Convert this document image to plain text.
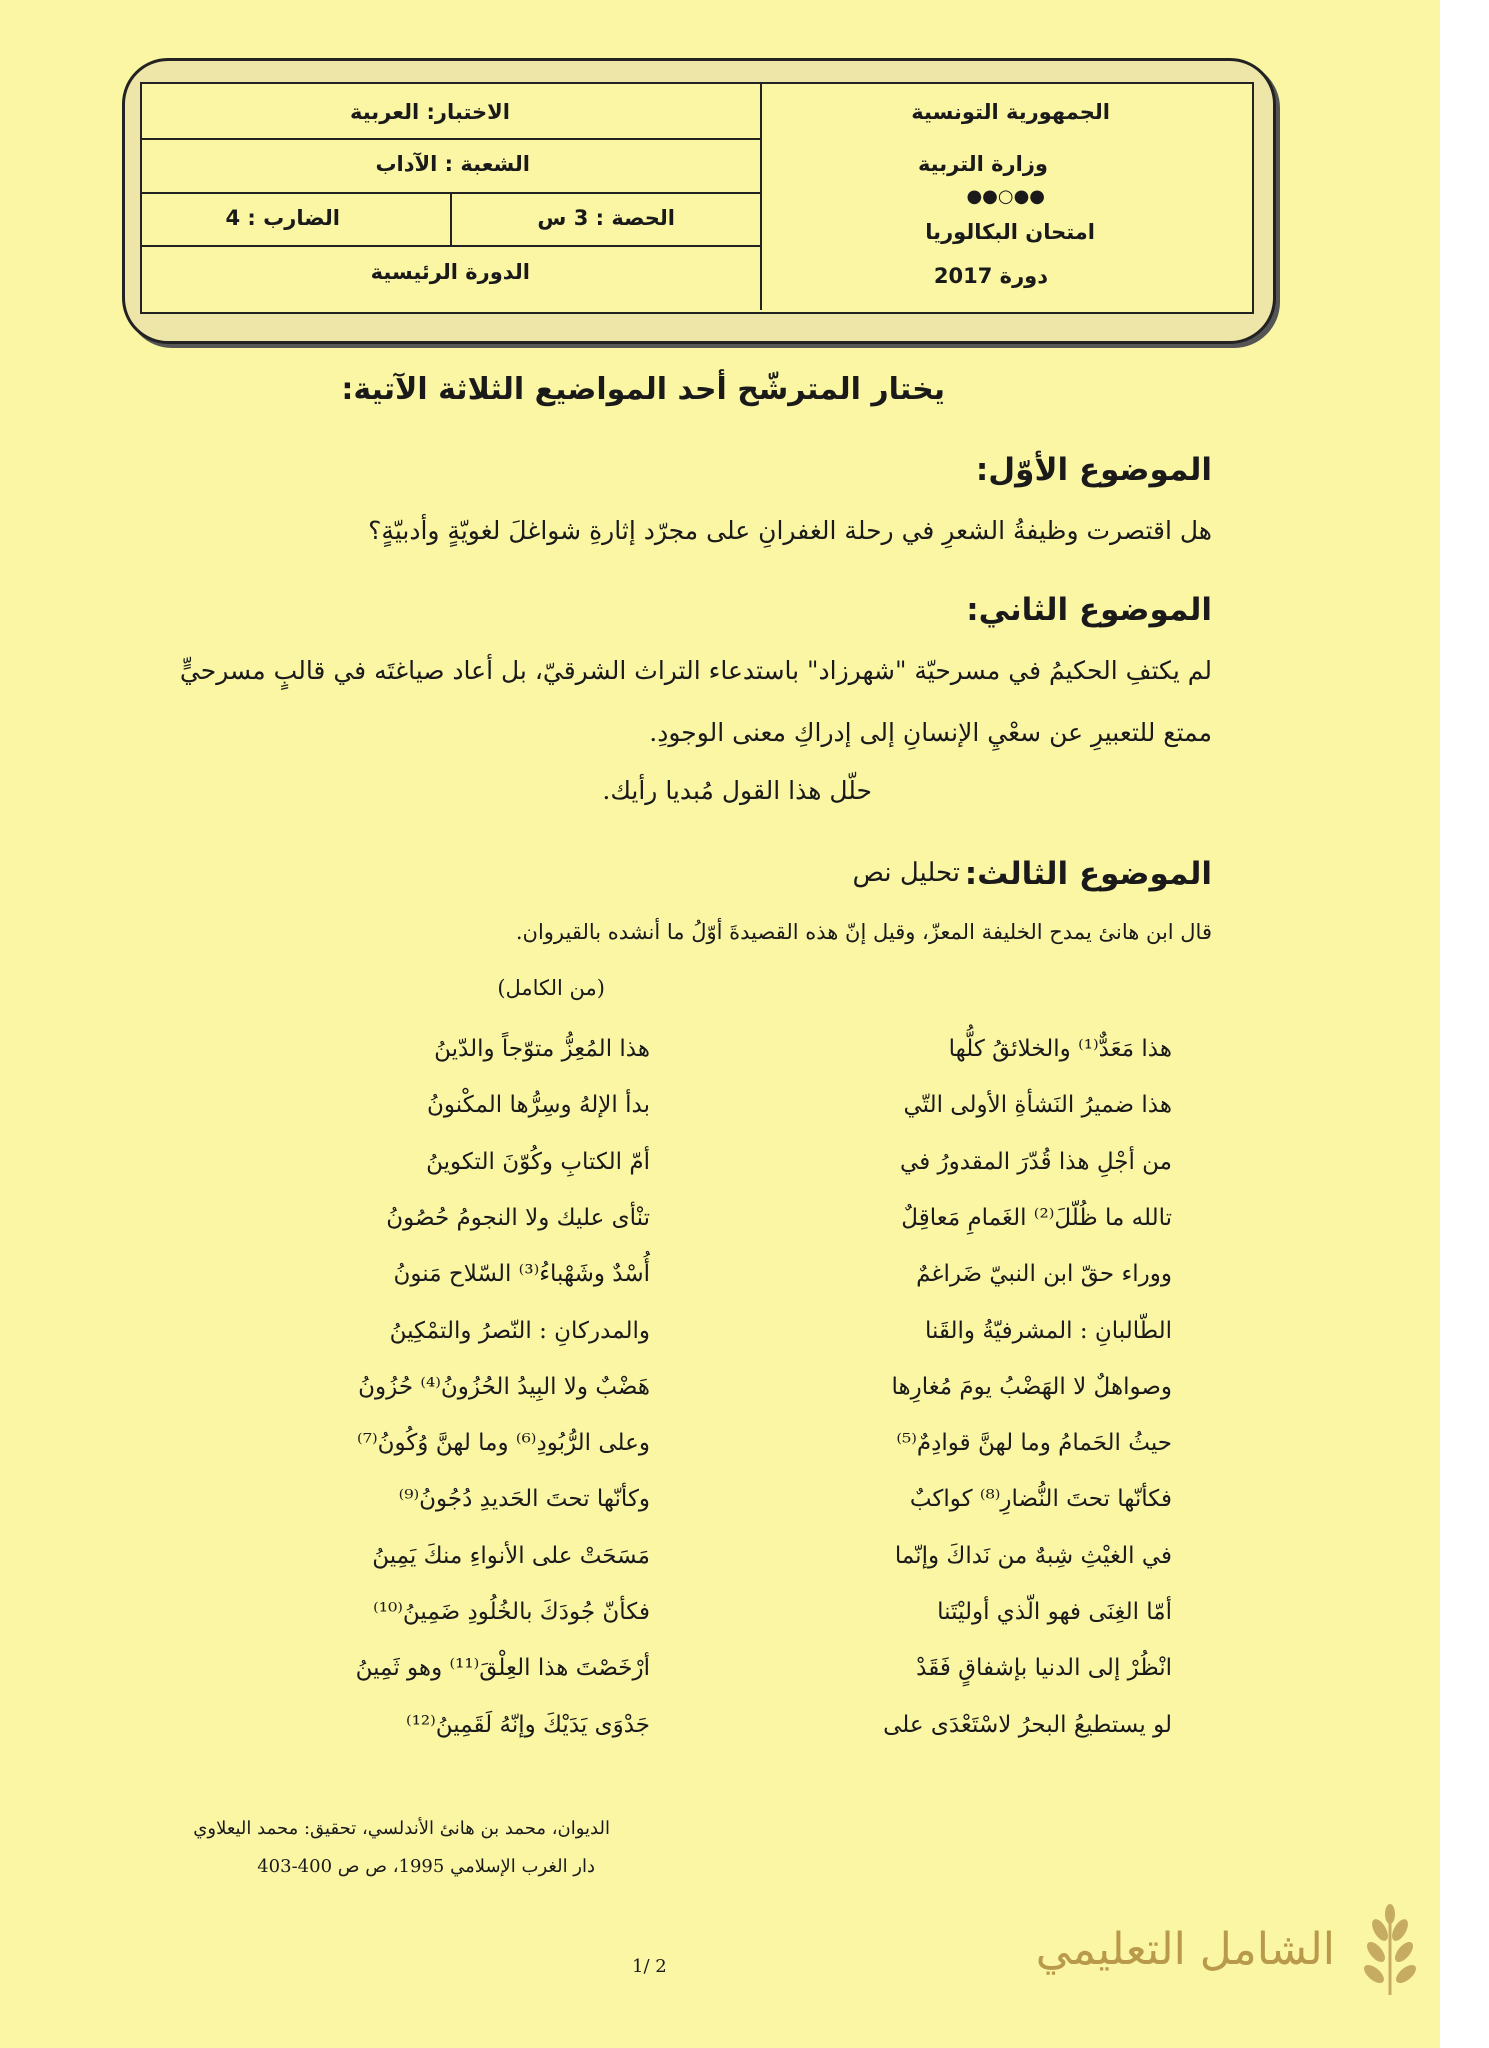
الجمهورية التونسية
وزارة التربية
●●○●●
امتحان البكالوريا
دورة 2017
الاختبار: العربية
الشعبة : الآداب
الحصة : 3 س
الضارب : 4
الدورة الرئيسية
يختار المترشّح أحد المواضيع الثلاثة الآتية:
الموضوع الأوّل:
هل اقتصرت وظيفةُ الشعرِ في رحلة الغفرانِ على مجرّد إثارةِ شواغلَ لغويّةٍ وأدبيّةٍ؟
الموضوع الثاني:
لم يكتفِ الحكيمُ في مسرحيّة "شهرزاد" باستدعاء التراث الشرقيّ، بل أعاد صياغتَه في قالبٍ مسرحيٍّ
ممتع للتعبيرِ عن سعْيِ الإنسانِ إلى إدراكِ معنى الوجودِ.
حلّل هذا القول مُبديا رأيك.
الموضوع الثالث:
تحليل نص
قال ابن هانئ يمدح الخليفة المعزّ، وقيل إنّ هذه القصيدةَ أوّلُ ما أنشده بالقيروان.
(من الكامل)
هذا مَعَدٌّ⁽¹⁾ والخلائقُ كلُّها
هذا المُعِزُّ متوّجاً والدّينُ
هذا ضميرُ النَشأةِ الأولى التّي
بدأ الإلهُ وسِرُّها المكْنونُ
من أجْلِ هذا قُدّرَ المقدورُ في
أمّ الكتابِ وكُوّنَ التكوينُ
تالله ما ظُلّلَ⁽²⁾ الغَمامِ مَعاقِلٌ
تنْأى عليك ولا النجومُ حُصُونُ
ووراء حقّ ابن النبيّ ضَراغمٌ
أُسْدٌ وشَهْباءُ⁽³⁾ السّلاح مَنونُ
الطّالبانِ : المشرفيّةُ والقَنا
والمدركانِ : النّصرُ والتمْكِينُ
وصواهلٌ لا الهَضْبُ يومَ مُغارِها
هَضْبٌ ولا البِيدُ الحُزُونُ⁽⁴⁾ حُزُونُ
حيثُ الحَمامُ وما لهنَّ قوادِمٌ⁽⁵⁾
وعلى الرُّبُودِ⁽⁶⁾ وما لهنَّ وُكُونُ⁽⁷⁾
فكأنّها تحتَ النُّضارِ⁽⁸⁾ كواكبٌ
وكأنّها تحتَ الحَديدِ دُجُونُ⁽⁹⁾
في الغيْثِ شِبهٌ من نَداكَ وإنّما
مَسَحَتْ على الأنواءِ منكَ يَمِينُ
أمّا الغِنَى فهو الّذي أوليْتَنا
فكأنّ جُودَكَ بالخُلُودِ ضَمِينُ⁽¹⁰⁾
انْظُرْ إلى الدنيا بإشفاقٍ فَقَدْ
أرْخَصْتَ هذا العِلْقَ⁽¹¹⁾ وهو ثَمِينُ
لو يستطيعُ البحرُ لاسْتَعْدَى على
جَدْوَى يَدَيْكَ وإنّهُ لَقَمِينُ⁽¹²⁾
الديوان، محمد بن هانئ الأندلسي، تحقيق: محمد اليعلاوي
دار الغرب الإسلامي 1995، ص ص 400-403
1/ 2	الشامل التعليمي
